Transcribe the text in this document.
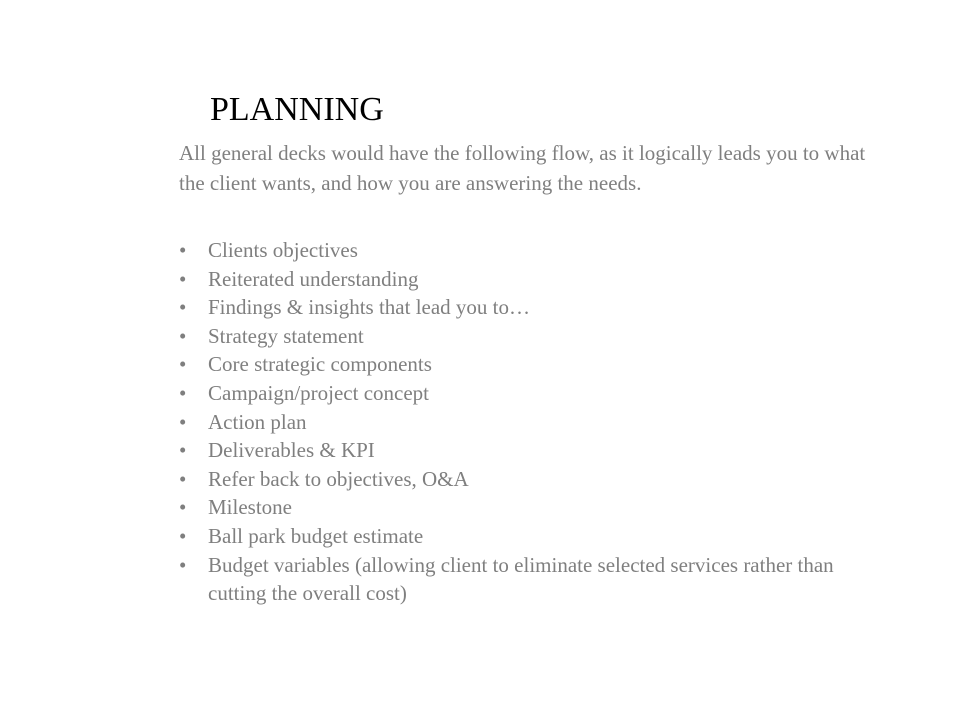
PLANNING
All general decks would have the following flow, as it logically leads you to what the client wants, and how you are answering the needs.
• Clients objectives
• Reiterated understanding
• Findings & insights that lead you to…
• Strategy statement
• Core strategic components
• Campaign/project concept
• Action plan
• Deliverables & KPI
• Refer back to objectives, O&A
• Milestone
• Ball park budget estimate
• Budget variables (allowing client to eliminate selected services rather than cutting the overall cost)
